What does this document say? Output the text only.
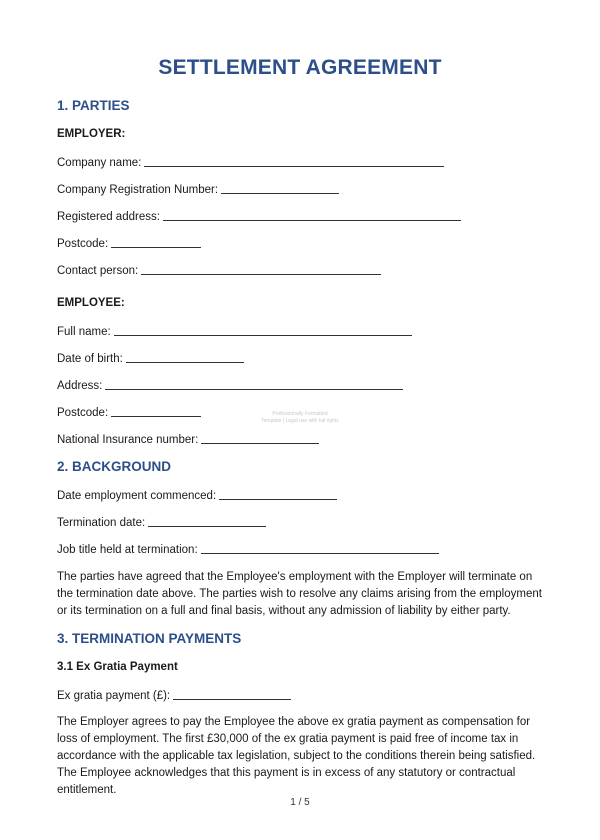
SETTLEMENT AGREEMENT
1. PARTIES
EMPLOYER:
Company name:
Company Registration Number:
Registered address:
Postcode:
Contact person:
EMPLOYEE:
Full name:
Date of birth:
Address:
Postcode:
National Insurance number:
Professionally Formatted
Template | Legal use with full rights
2. BACKGROUND
Date employment commenced:
Termination date:
Job title held at termination:
The parties have agreed that the Employee's employment with the Employer will terminate on the termination date above. The parties wish to resolve any claims arising from the employment or its termination on a full and final basis, without any admission of liability by either party.
3. TERMINATION PAYMENTS
3.1 Ex Gratia Payment
Ex gratia payment (£):
The Employer agrees to pay the Employee the above ex gratia payment as compensation for loss of employment. The first £30,000 of the ex gratia payment is paid free of income tax in accordance with the applicable tax legislation, subject to the conditions therein being satisfied. The Employee acknowledges that this payment is in excess of any statutory or contractual entitlement.
1 / 5
